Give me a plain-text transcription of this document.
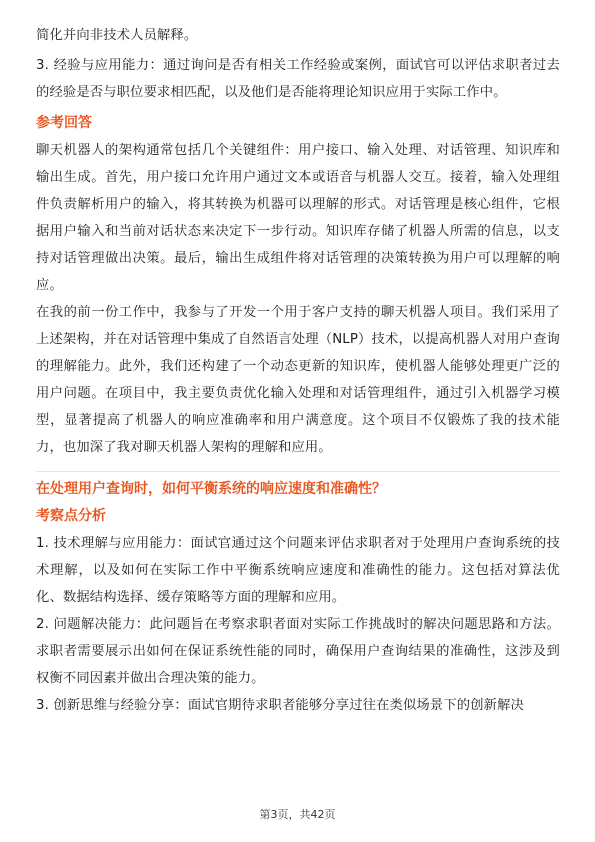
简化并向非技术人员解释。

3. 经验与应用能力：通过询问是否有相关工作经验或案例，面试官可以评估求职者过去的经验是否与职位要求相匹配，以及他们是否能将理论知识应用于实际工作中。

参考回答

聊天机器人的架构通常包括几个关键组件：用户接口、输入处理、对话管理、知识库和输出生成。首先，用户接口允许用户通过文本或语音与机器人交互。接着，输入处理组件负责解析用户的输入，将其转换为机器可以理解的形式。对话管理是核心组件，它根据用户输入和当前对话状态来决定下一步行动。知识库存储了机器人所需的信息，以支持对话管理做出决策。最后，输出生成组件将对话管理的决策转换为用户可以理解的响应。

在我的前一份工作中，我参与了开发一个用于客户支持的聊天机器人项目。我们采用了上述架构，并在对话管理中集成了自然语言处理（NLP）技术，以提高机器人对用户查询的理解能力。此外，我们还构建了一个动态更新的知识库，使机器人能够处理更广泛的用户问题。在项目中，我主要负责优化输入处理和对话管理组件，通过引入机器学习模型，显著提高了机器人的响应准确率和用户满意度。这个项目不仅锻炼了我的技术能力，也加深了我对聊天机器人架构的理解和应用。

在处理用户查询时，如何平衡系统的响应速度和准确性？

考察点分析

1. 技术理解与应用能力：面试官通过这个问题来评估求职者对于处理用户查询系统的技术理解，以及如何在实际工作中平衡系统响应速度和准确性的能力。这包括对算法优化、数据结构选择、缓存策略等方面的理解和应用。

2. 问题解决能力：此问题旨在考察求职者面对实际工作挑战时的解决问题思路和方法。求职者需要展示出如何在保证系统性能的同时，确保用户查询结果的准确性，这涉及到权衡不同因素并做出合理决策的能力。

3. 创新思维与经验分享：面试官期待求职者能够分享过往在类似场景下的创新解决

第3页，共42页
